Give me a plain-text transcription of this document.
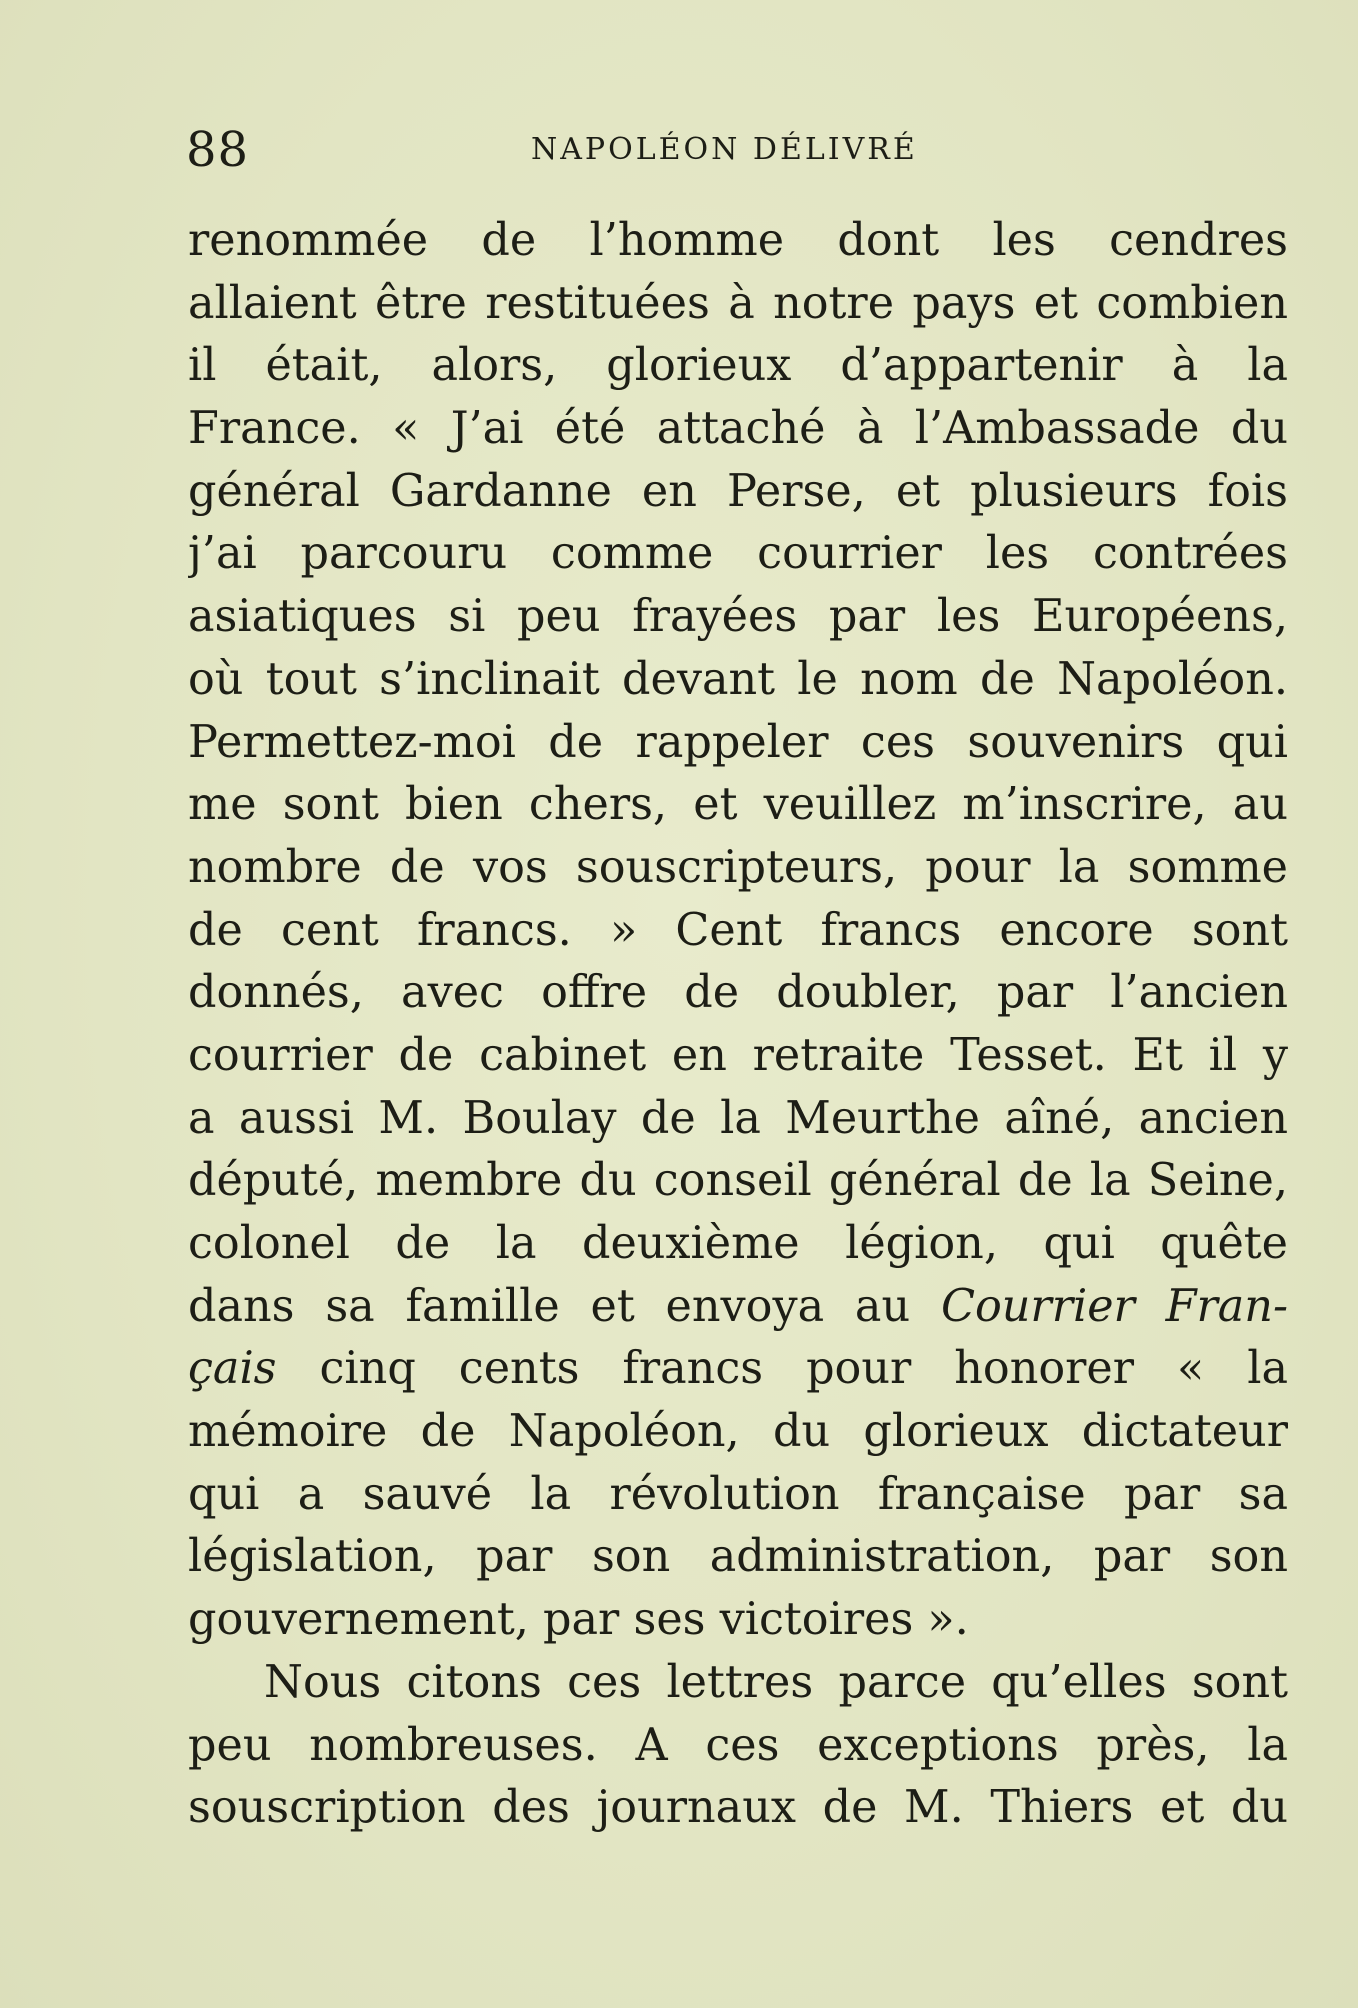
88	NAPOLÉON DÉLIVRÉ
renommée de l’homme dont les cendres
allaient être restituées à notre pays et combien
il était, alors, glorieux d’appartenir à la
France. « J’ai été attaché à l’Ambassade du
général Gardanne en Perse, et plusieurs fois
j’ai parcouru comme courrier les contrées
asiatiques si peu frayées par les Européens,
où tout s’inclinait devant le nom de Napoléon.
Permettez-moi de rappeler ces souvenirs qui
me sont bien chers, et veuillez m’inscrire, au
nombre de vos souscripteurs, pour la somme
de cent francs. » Cent francs encore sont
donnés, avec offre de doubler, par l’ancien
courrier de cabinet en retraite Tesset. Et il y
a aussi M. Boulay de la Meurthe aîné, ancien
député, membre du conseil général de la Seine,
colonel de la deuxième légion, qui quête
dans sa famille et envoya au Courrier Fran-
çais cinq cents francs pour honorer « la
mémoire de Napoléon, du glorieux dictateur
qui a sauvé la révolution française par sa
législation, par son administration, par son
gouvernement, par ses victoires ».
Nous citons ces lettres parce qu’elles sont
peu nombreuses. A ces exceptions près, la
souscription des journaux de M. Thiers et du
